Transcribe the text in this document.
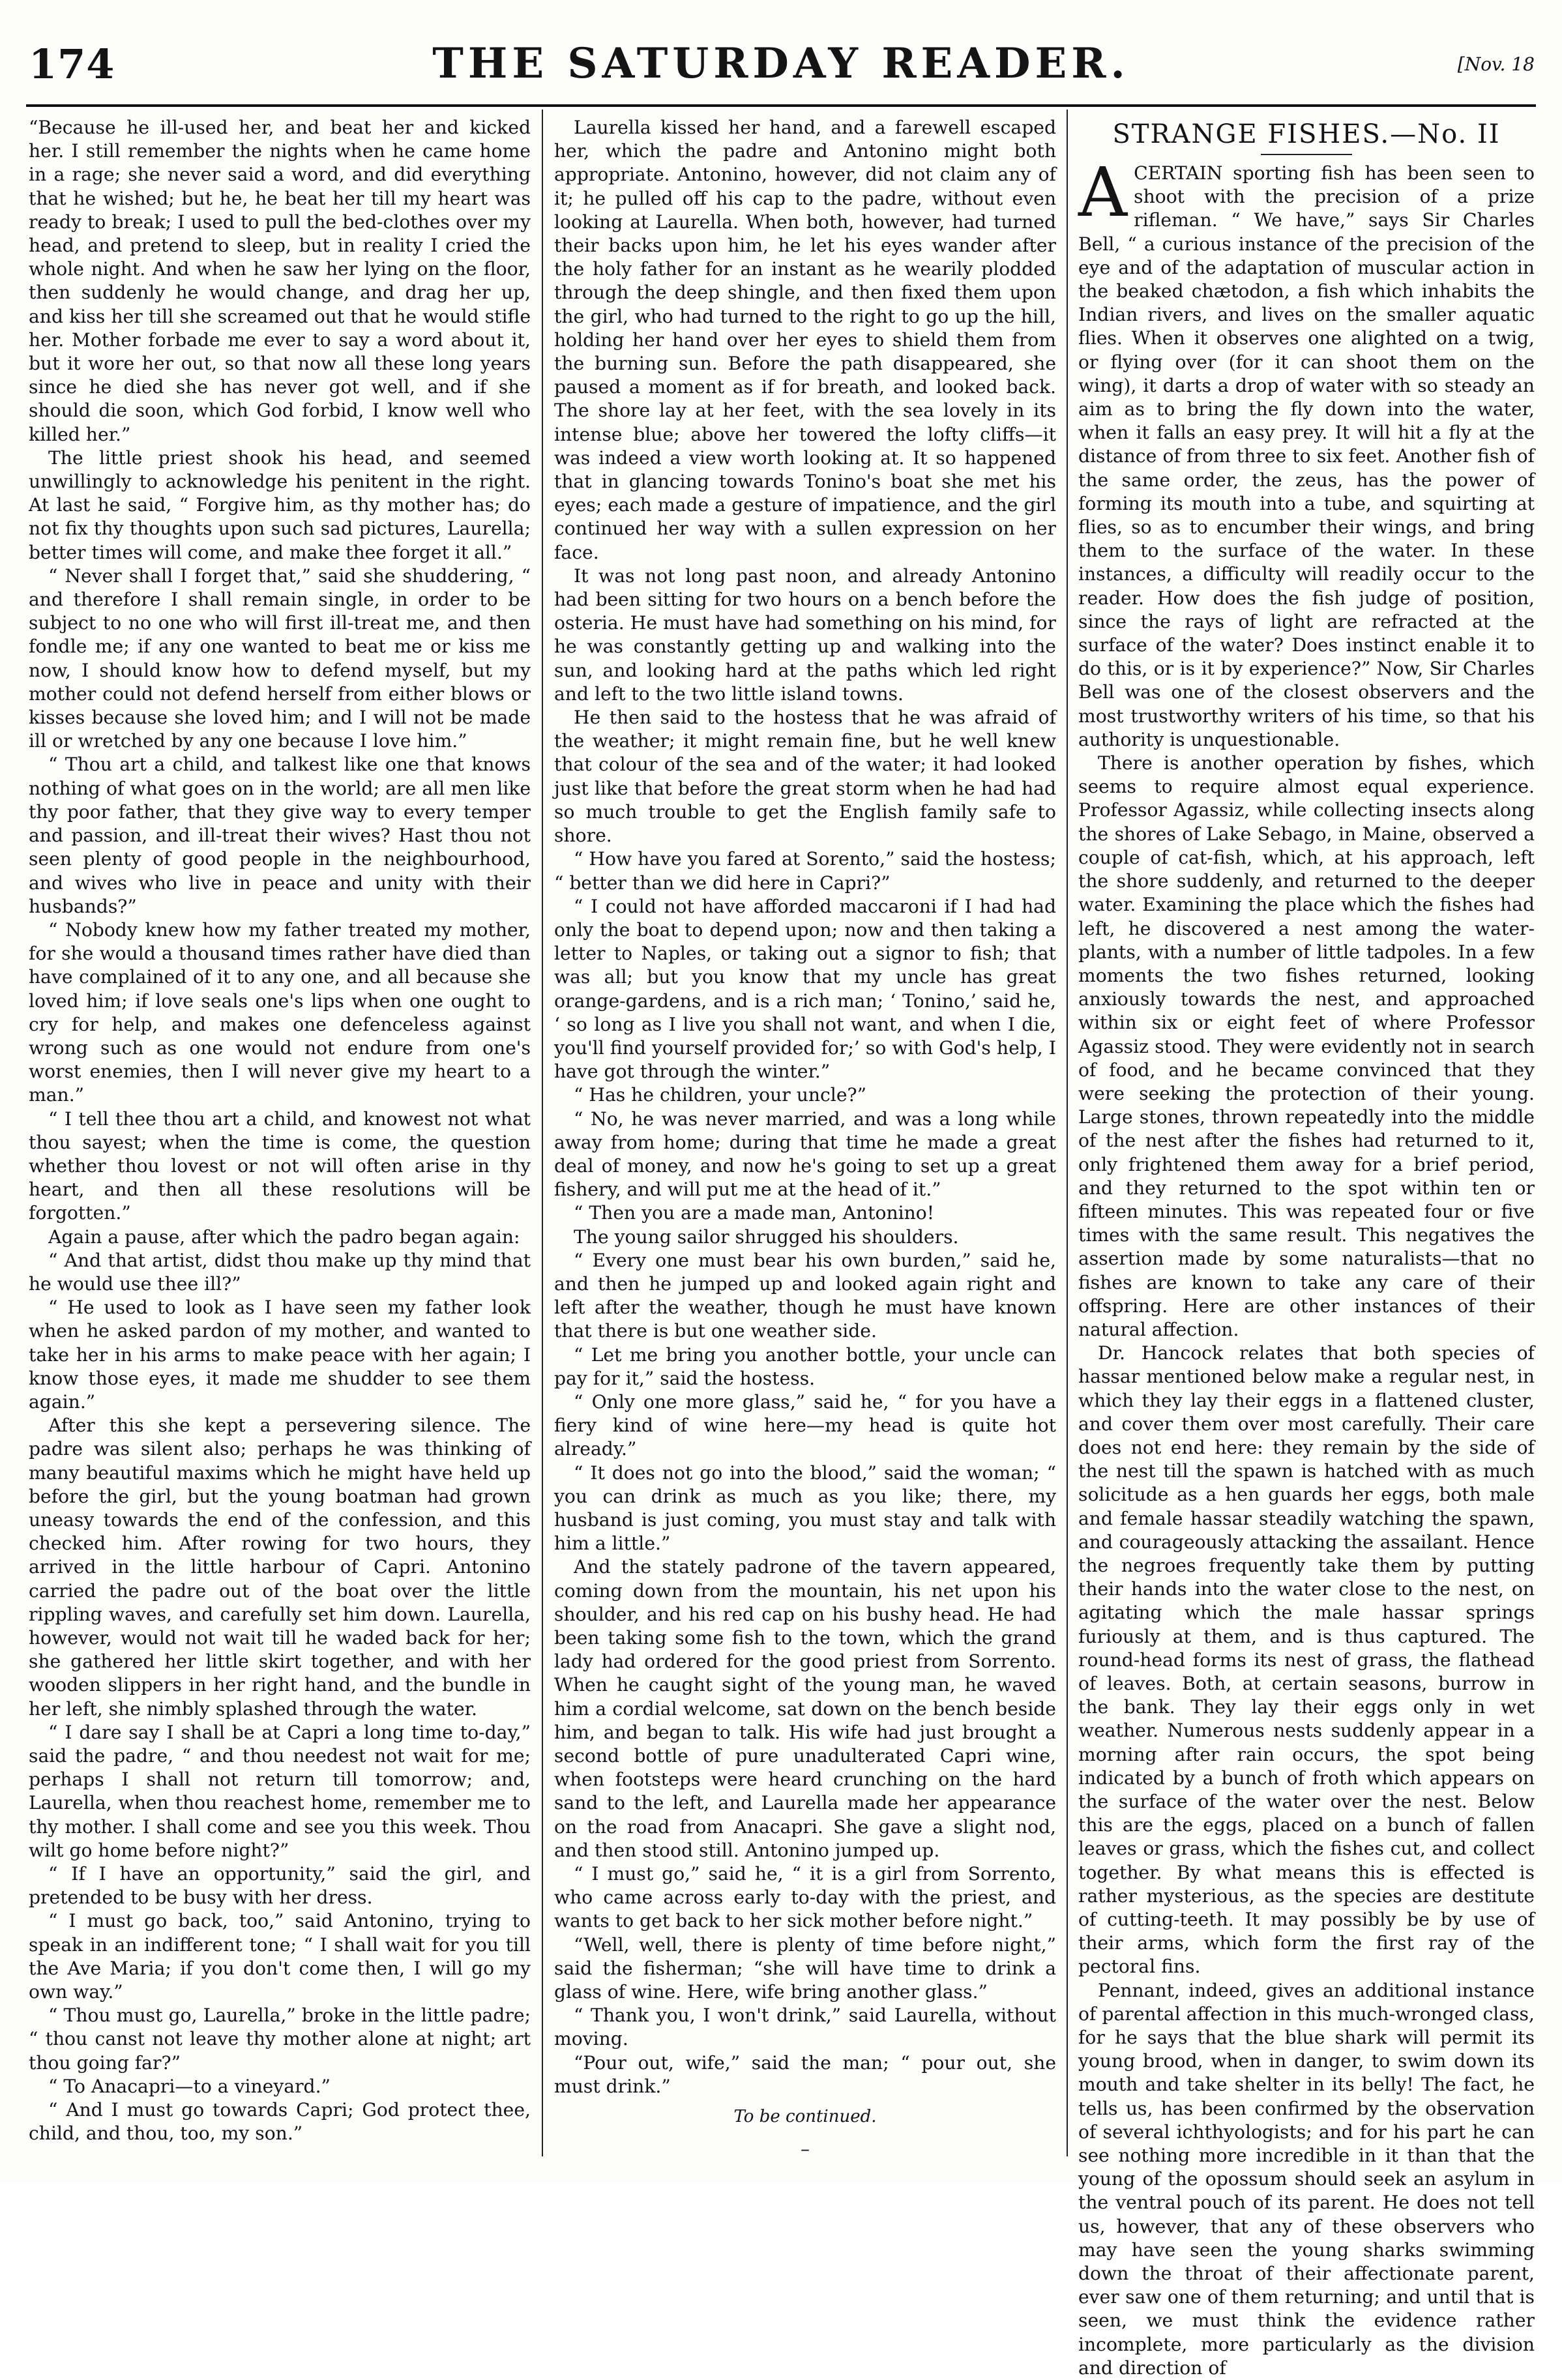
174	THE SATURDAY READER.	[Nov. 18

“Because he ill-used her, and beat her and kicked her. I still remember the nights when he came home in a rage; she never said a word, and did everything that he wished; but he, he beat her till my heart was ready to break; I used to pull the bed-clothes over my head, and pretend to sleep, but in reality I cried the whole night. And when he saw her lying on the floor, then suddenly he would change, and drag her up, and kiss her till she screamed out that he would stifle her. Mother forbade me ever to say a word about it, but it wore her out, so that now all these long years since he died she has never got well, and if she should die soon, which God forbid, I know well who killed her.”

The little priest shook his head, and seemed unwillingly to acknowledge his penitent in the right. At last he said, “ Forgive him, as thy mother has; do not fix thy thoughts upon such sad pictures, Laurella; better times will come, and make thee forget it all.”

“ Never shall I forget that,” said she shuddering, “ and therefore I shall remain single, in order to be subject to no one who will first ill-treat me, and then fondle me; if any one wanted to beat me or kiss me now, I should know how to defend myself, but my mother could not defend herself from either blows or kisses because she loved him; and I will not be made ill or wretched by any one because I love him.”

“ Thou art a child, and talkest like one that knows nothing of what goes on in the world; are all men like thy poor father, that they give way to every temper and passion, and ill-treat their wives? Hast thou not seen plenty of good people in the neighbourhood, and wives who live in peace and unity with their husbands?”

“ Nobody knew how my father treated my mother, for she would a thousand times rather have died than have complained of it to any one, and all because she loved him; if love seals one's lips when one ought to cry for help, and makes one defenceless against wrong such as one would not endure from one's worst enemies, then I will never give my heart to a man.”

“ I tell thee thou art a child, and knowest not what thou sayest; when the time is come, the question whether thou lovest or not will often arise in thy heart, and then all these resolutions will be forgotten.”

Again a pause, after which the padro began again:

“ And that artist, didst thou make up thy mind that he would use thee ill?”

“ He used to look as I have seen my father look when he asked pardon of my mother, and wanted to take her in his arms to make peace with her again; I know those eyes, it made me shudder to see them again.”

After this she kept a persevering silence. The padre was silent also; perhaps he was thinking of many beautiful maxims which he might have held up before the girl, but the young boatman had grown uneasy towards the end of the confession, and this checked him. After rowing for two hours, they arrived in the little harbour of Capri. Antonino carried the padre out of the boat over the little rippling waves, and carefully set him down. Laurella, however, would not wait till he waded back for her; she gathered her little skirt together, and with her wooden slippers in her right hand, and the bundle in her left, she nimbly splashed through the water.

“ I dare say I shall be at Capri a long time to-day,” said the padre, “ and thou needest not wait for me; perhaps I shall not return till tomorrow; and, Laurella, when thou reachest home, remember me to thy mother. I shall come and see you this week. Thou wilt go home before night?”

“ If I have an opportunity,” said the girl, and pretended to be busy with her dress.

“ I must go back, too,” said Antonino, trying to speak in an indifferent tone; “ I shall wait for you till the Ave Maria; if you don't come then, I will go my own way.”

“ Thou must go, Laurella,” broke in the little padre; “ thou canst not leave thy mother alone at night; art thou going far?”

“ To Anacapri—to a vineyard.”

“ And I must go towards Capri; God protect thee, child, and thou, too, my son.”

Laurella kissed her hand, and a farewell escaped her, which the padre and Antonino might both appropriate. Antonino, however, did not claim any of it; he pulled off his cap to the padre, without even looking at Laurella. When both, however, had turned their backs upon him, he let his eyes wander after the holy father for an instant as he wearily plodded through the deep shingle, and then fixed them upon the girl, who had turned to the right to go up the hill, holding her hand over her eyes to shield them from the burning sun. Before the path disappeared, she paused a moment as if for breath, and looked back. The shore lay at her feet, with the sea lovely in its intense blue; above her towered the lofty cliffs—it was indeed a view worth looking at. It so happened that in glancing towards Tonino's boat she met his eyes; each made a gesture of impatience, and the girl continued her way with a sullen expression on her face.

It was not long past noon, and already Antonino had been sitting for two hours on a bench before the osteria. He must have had something on his mind, for he was constantly getting up and walking into the sun, and looking hard at the paths which led right and left to the two little island towns.

He then said to the hostess that he was afraid of the weather; it might remain fine, but he well knew that colour of the sea and of the water; it had looked just like that before the great storm when he had had so much trouble to get the English family safe to shore.

“ How have you fared at Sorento,” said the hostess; “ better than we did here in Capri?”

“ I could not have afforded maccaroni if I had had only the boat to depend upon; now and then taking a letter to Naples, or taking out a signor to fish; that was all; but you know that my uncle has great orange-gardens, and is a rich man; ‘ Tonino,’ said he, ‘ so long as I live you shall not want, and when I die, you'll find yourself provided for;’ so with God's help, I have got through the winter.”

“ Has he children, your uncle?”

“ No, he was never married, and was a long while away from home; during that time he made a great deal of money, and now he's going to set up a great fishery, and will put me at the head of it.”

“ Then you are a made man, Antonino!

The young sailor shrugged his shoulders.

“ Every one must bear his own burden,” said he, and then he jumped up and looked again right and left after the weather, though he must have known that there is but one weather side.

“ Let me bring you another bottle, your uncle can pay for it,” said the hostess.

“ Only one more glass,” said he, “ for you have a fiery kind of wine here—my head is quite hot already.”

“ It does not go into the blood,” said the woman; “ you can drink as much as you like; there, my husband is just coming, you must stay and talk with him a little.”

And the stately padrone of the tavern appeared, coming down from the mountain, his net upon his shoulder, and his red cap on his bushy head. He had been taking some fish to the town, which the grand lady had ordered for the good priest from Sorrento. When he caught sight of the young man, he waved him a cordial welcome, sat down on the bench beside him, and began to talk. His wife had just brought a second bottle of pure unadulterated Capri wine, when footsteps were heard crunching on the hard sand to the left, and Laurella made her appearance on the road from Anacapri. She gave a slight nod, and then stood still. Antonino jumped up.

“ I must go,” said he, “ it is a girl from Sorrento, who came across early to-day with the priest, and wants to get back to her sick mother before night.”

“Well, well, there is plenty of time before night,” said the fisherman; “she will have time to drink a glass of wine. Here, wife bring another glass.”

“ Thank you, I won't drink,” said Laurella, without moving.

“Pour out, wife,” said the man; “ pour out, she must drink.”

To be continued.
–
STRANGE FISHES.—No. II

ACERTAIN sporting fish has been seen to shoot with the precision of a prize rifleman. “ We have,” says Sir Charles Bell, “ a curious instance of the precision of the eye and of the adaptation of muscular action in the beaked chætodon, a fish which inhabits the Indian rivers, and lives on the smaller aquatic flies. When it observes one alighted on a twig, or flying over (for it can shoot them on the wing), it darts a drop of water with so steady an aim as to bring the fly down into the water, when it falls an easy prey. It will hit a fly at the distance of from three to six feet. Another fish of the same order, the zeus, has the power of forming its mouth into a tube, and squirting at flies, so as to encumber their wings, and bring them to the surface of the water. In these instances, a difficulty will readily occur to the reader. How does the fish judge of position, since the rays of light are refracted at the surface of the water? Does instinct enable it to do this, or is it by experience?” Now, Sir Charles Bell was one of the closest observers and the most trustworthy writers of his time, so that his authority is unquestionable.

There is another operation by fishes, which seems to require almost equal experience. Professor Agassiz, while collecting insects along the shores of Lake Sebago, in Maine, observed a couple of cat-fish, which, at his approach, left the shore suddenly, and returned to the deeper water. Examining the place which the fishes had left, he discovered a nest among the water-plants, with a number of little tadpoles. In a few moments the two fishes returned, looking anxiously towards the nest, and approached within six or eight feet of where Professor Agassiz stood. They were evidently not in search of food, and he became convinced that they were seeking the protection of their young. Large stones, thrown repeatedly into the middle of the nest after the fishes had returned to it, only frightened them away for a brief period, and they returned to the spot within ten or fifteen minutes. This was repeated four or five times with the same result. This negatives the assertion made by some naturalists—that no fishes are known to take any care of their offspring. Here are other instances of their natural affection.

Dr. Hancock relates that both species of hassar mentioned below make a regular nest, in which they lay their eggs in a flattened cluster, and cover them over most carefully. Their care does not end here: they remain by the side of the nest till the spawn is hatched with as much solicitude as a hen guards her eggs, both male and female hassar steadily watching the spawn, and courageously attacking the assailant. Hence the negroes frequently take them by putting their hands into the water close to the nest, on agitating which the male hassar springs furiously at them, and is thus captured. The round-head forms its nest of grass, the flathead of leaves. Both, at certain seasons, burrow in the bank. They lay their eggs only in wet weather. Numerous nests suddenly appear in a morning after rain occurs, the spot being indicated by a bunch of froth which appears on the surface of the water over the nest. Below this are the eggs, placed on a bunch of fallen leaves or grass, which the fishes cut, and collect together. By what means this is effected is rather mysterious, as the species are destitute of cutting-teeth. It may possibly be by use of their arms, which form the first ray of the pectoral fins.

Pennant, indeed, gives an additional instance of parental affection in this much-wronged class, for he says that the blue shark will permit its young brood, when in danger, to swim down its mouth and take shelter in its belly! The fact, he tells us, has been confirmed by the observation of several ichthyologists; and for his part he can see nothing more incredible in it than that the young of the opossum should seek an asylum in the ventral pouch of its parent. He does not tell us, however, that any of these observers who may have seen the young sharks swimming down the throat of their affectionate parent, ever saw one of them returning; and until that is seen, we must think the evidence rather incomplete, more particularly as the division and direction of
